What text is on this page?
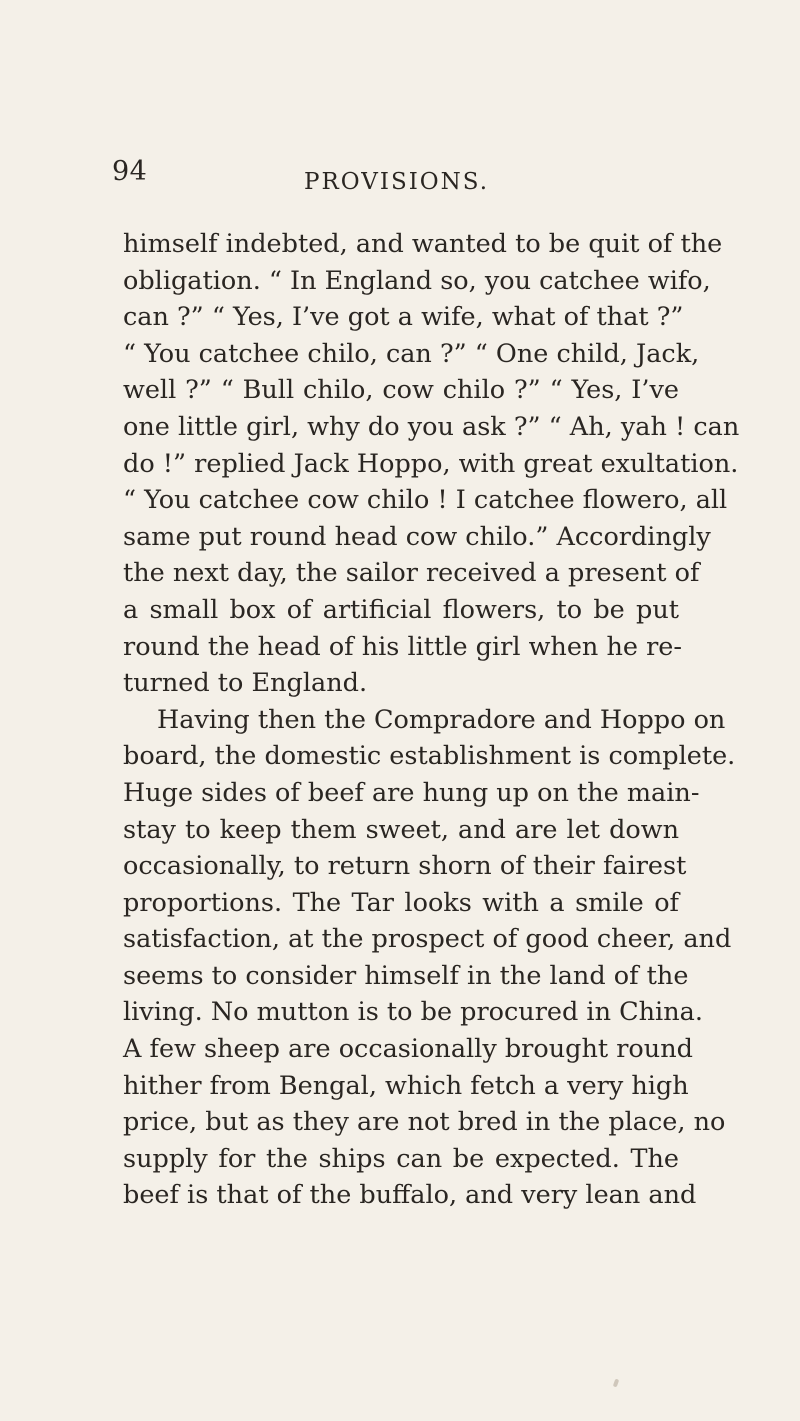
94	PROVISIONS.
himself indebted, and wanted to be quit of the
obligation. “ In England so, you catchee wifo,
can ?” “ Yes, I’ve got a wife, what of that ?”
“ You catchee chilo, can ?” “ One child, Jack,
well ?” “ Bull chilo, cow chilo ?” “ Yes, I’ve
one little girl, why do you ask ?” “ Ah, yah ! can
do !” replied Jack Hoppo, with great exultation.
“ You catchee cow chilo ! I catchee flowero, all
same put round head cow chilo.” Accordingly
the next day, the sailor received a present of
a small box of artificial flowers, to be put
round the head of his little girl when he re-
turned to England.
Having then the Compradore and Hoppo on
board, the domestic establishment is complete.
Huge sides of beef are hung up on the main-
stay to keep them sweet, and are let down
occasionally, to return shorn of their fairest
proportions. The Tar looks with a smile of
satisfaction, at the prospect of good cheer, and
seems to consider himself in the land of the
living. No mutton is to be procured in China.
A few sheep are occasionally brought round
hither from Bengal, which fetch a very high
price, but as they are not bred in the place, no
supply for the ships can be expected. The
beef is that of the buffalo, and very lean and
